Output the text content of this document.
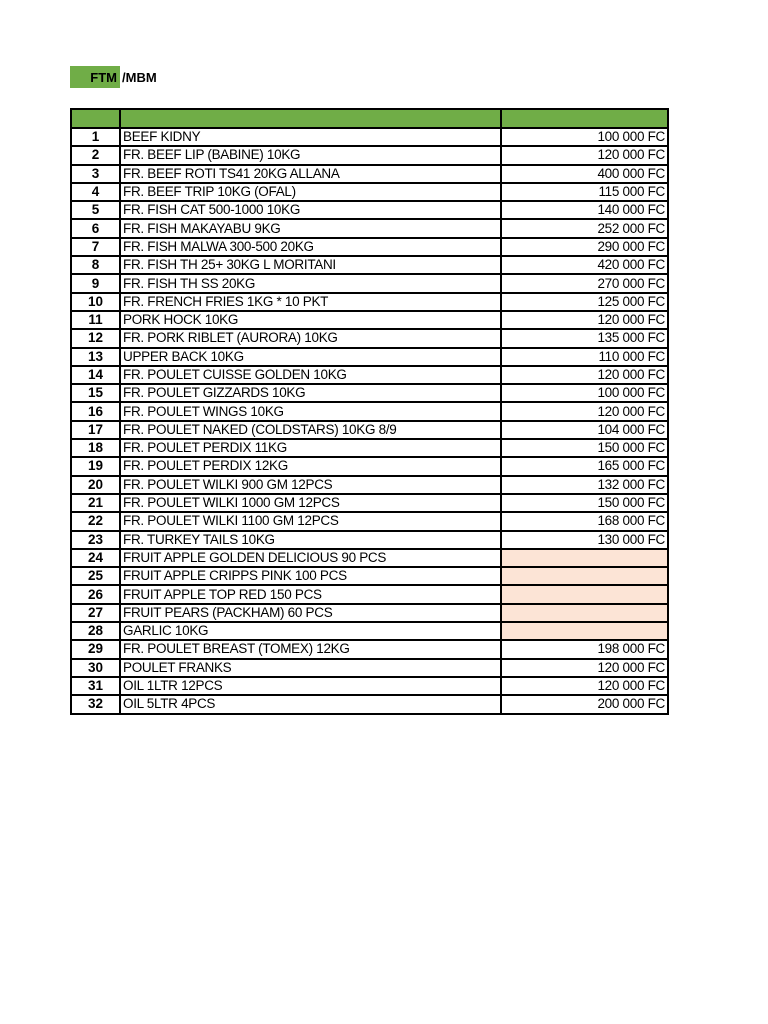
FTM /MBM

1	BEEF KIDNY	100 000 FC
2	FR. BEEF LIP (BABINE) 10KG	120 000 FC
3	FR. BEEF ROTI TS41 20KG ALLANA	400 000 FC
4	FR. BEEF TRIP 10KG (OFAL)	115 000 FC
5	FR. FISH CAT 500-1000 10KG	140 000 FC
6	FR. FISH MAKAYABU 9KG	252 000 FC
7	FR. FISH MALWA 300-500 20KG	290 000 FC
8	FR. FISH TH 25+ 30KG L MORITANI	420 000 FC
9	FR. FISH TH SS 20KG	270 000 FC
10	FR. FRENCH FRIES 1KG * 10 PKT	125 000 FC
11	PORK HOCK 10KG	120 000 FC
12	FR. PORK RIBLET (AURORA) 10KG	135 000 FC
13	UPPER BACK 10KG	110 000 FC
14	FR. POULET CUISSE GOLDEN 10KG	120 000 FC
15	FR. POULET GIZZARDS 10KG	100 000 FC
16	FR. POULET WINGS 10KG	120 000 FC
17	FR. POULET NAKED (COLDSTARS) 10KG 8/9	104 000 FC
18	FR. POULET PERDIX 11KG	150 000 FC
19	FR. POULET PERDIX 12KG	165 000 FC
20	FR. POULET WILKI 900 GM 12PCS	132 000 FC
21	FR. POULET WILKI 1000 GM 12PCS	150 000 FC
22	FR. POULET WILKI 1100 GM 12PCS	168 000 FC
23	FR. TURKEY TAILS 10KG	130 000 FC
24	FRUIT APPLE GOLDEN DELICIOUS 90 PCS	
25	FRUIT APPLE CRIPPS PINK 100 PCS	
26	FRUIT APPLE TOP RED 150 PCS	
27	FRUIT PEARS (PACKHAM) 60 PCS	
28	GARLIC 10KG	
29	FR. POULET BREAST (TOMEX) 12KG	198 000 FC
30	POULET FRANKS	120 000 FC
31	OIL 1LTR 12PCS	120 000 FC
32	OIL 5LTR 4PCS	200 000 FC
